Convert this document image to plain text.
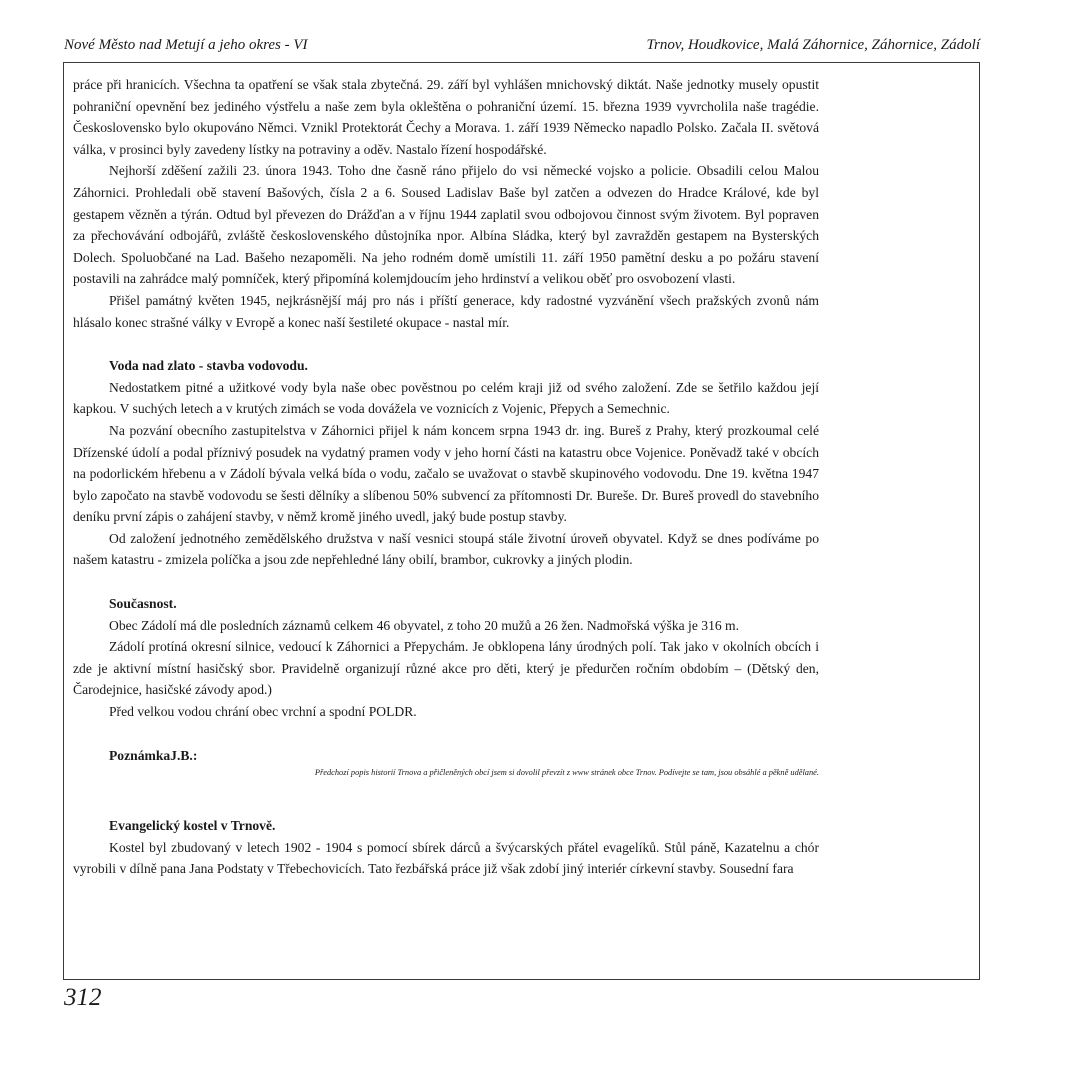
Nové Město nad Metují a jeho okres - VI	Trnov, Houdkovice, Malá Záhornice, Záhornice, Zádolí

práce při hranicích. Všechna ta opatření se však stala zbytečná. 29. září byl vyhlášen mnichovský diktát. Naše jednotky musely opustit pohraniční opevnění bez jediného výstřelu a naše zem byla okleštěna o pohraniční území. 15. března 1939 vyvrcholila naše tragédie. Československo bylo okupováno Němci. Vznikl Protektorát Čechy a Morava. 1. září 1939 Německo napadlo Polsko. Začala II. světová válka, v prosinci byly zavedeny lístky na potraviny a oděv. Nastalo řízení hospodářské.

Nejhorší zděšení zažili 23. února 1943. Toho dne časně ráno přijelo do vsi německé vojsko a policie. Obsadili celou Malou Záhornici. Prohledali obě stavení Bašových, čísla 2 a 6. Soused Ladislav Baše byl zatčen a odvezen do Hradce Králové, kde byl gestapem vězněn a týrán. Odtud byl převezen do Drážďan a v říjnu 1944 zaplatil svou odbojovou činnost svým životem. Byl popraven za přechovávání odbojářů, zvláště československého důstojníka npor. Albína Sládka, který byl zavražděn gestapem na Bysterských Dolech. Spoluobčané na Lad. Bašeho nezapoměli. Na jeho rodném domě umístili 11. září 1950 pamětní desku a po požáru stavení postavili na zahrádce malý pomníček, který připomíná kolemjdoucím jeho hrdinství a velikou oběť pro osvobození vlasti.

Přišel památný květen 1945, nejkrásnější máj pro nás i příští generace, kdy radostné vyzvánění všech pražských zvonů nám hlásalo konec strašné války v Evropě a konec naší šestileté okupace - nastal mír.

Voda nad zlato - stavba vodovodu.

Nedostatkem pitné a užitkové vody byla naše obec pověstnou po celém kraji již od svého založení. Zde se šetřilo každou její kapkou. V suchých letech a v krutých zimách se voda dovážela ve voznicích z Vojenic, Přepych a Semechnic.

Na pozvání obecního zastupitelstva v Záhornici přijel k nám koncem srpna 1943 dr. ing. Bureš z Prahy, který prozkoumal celé Dřízenské údolí a podal příznivý posudek na vydatný pramen vody v jeho horní části na katastru obce Vojenice. Poněvadž také v obcích na podorlickém hřebenu a v Zádolí bývala velká bída o vodu, začalo se uvažovat o stavbě skupinového vodovodu. Dne 19. května 1947 bylo započato na stavbě vodovodu se šesti dělníky a slíbenou 50% subvencí za přítomnosti Dr. Bureše. Dr. Bureš provedl do stavebního deníku první zápis o zahájení stavby, v němž kromě jiného uvedl, jaký bude postup stavby.

Od založení jednotného zemědělského družstva v naší vesnici stoupá stále životní úroveň obyvatel. Když se dnes podíváme po našem katastru - zmizela políčka a jsou zde nepřehledné lány obilí, brambor, cukrovky a jiných plodin.

Současnost.

Obec Zádolí má dle posledních záznamů celkem 46 obyvatel, z toho 20 mužů a 26 žen. Nadmořská výška je 316 m.

Zádolí protíná okresní silnice, vedoucí k Záhornici a Přepychám. Je obklopena lány úrodných polí. Tak jako v okolních obcích i zde je aktivní místní hasičský sbor. Pravidelně organizují různé akce pro děti, který je předurčen ročním obdobím – (Dětský den, Čarodejnice, hasičské závody apod.)

Před velkou vodou chrání obec vrchní a spodní POLDR.

PoznámkaJ.B.:

Předchozí popis historií Trnova a přičleněných obcí jsem si dovolil převzít z www stránek obce Trnov. Podívejte se tam, jsou obsáhlé a pěkně udělané.

Evangelický kostel v Trnově.

Kostel byl zbudovaný v letech 1902 - 1904 s pomocí sbírek dárců a švýcarských přátel evagelíků. Stůl páně, Kazatelnu a chór vyrobili v dílně pana Jana Podstaty v Třebechovicích. Tato řezbářská práce již však zdobí jiný interiér církevní stavby. Sousední fara

312
